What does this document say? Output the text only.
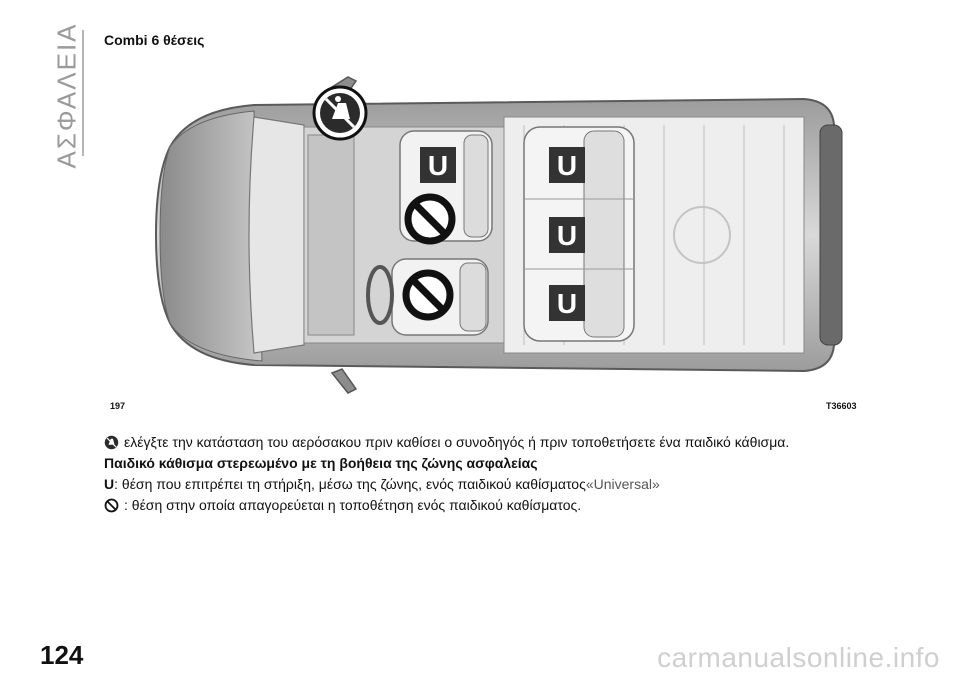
ΑΣΦΑΛΕΙΑ Combi 6 θέσεις
U	U
U
U
197	T36603
ελέγξτε την κατάσταση του αερόσακου πριν καθίσει ο συνοδηγός ή πριν τοποθετήσετε ένα παιδικό κάθισμα.
Παιδικό κάθισμα στερεωμένο με τη βοήθεια της ζώνης ασφαλείας
U : θέση που επιτρέπει τη στήριξη, μέσω της ζώνης, ενός παιδικού καθίσματος «Universal»
: θέση στην οποία απαγορεύεται η τοποθέτηση ενός παιδικού καθίσματος.
124	carmanualsonline.info
